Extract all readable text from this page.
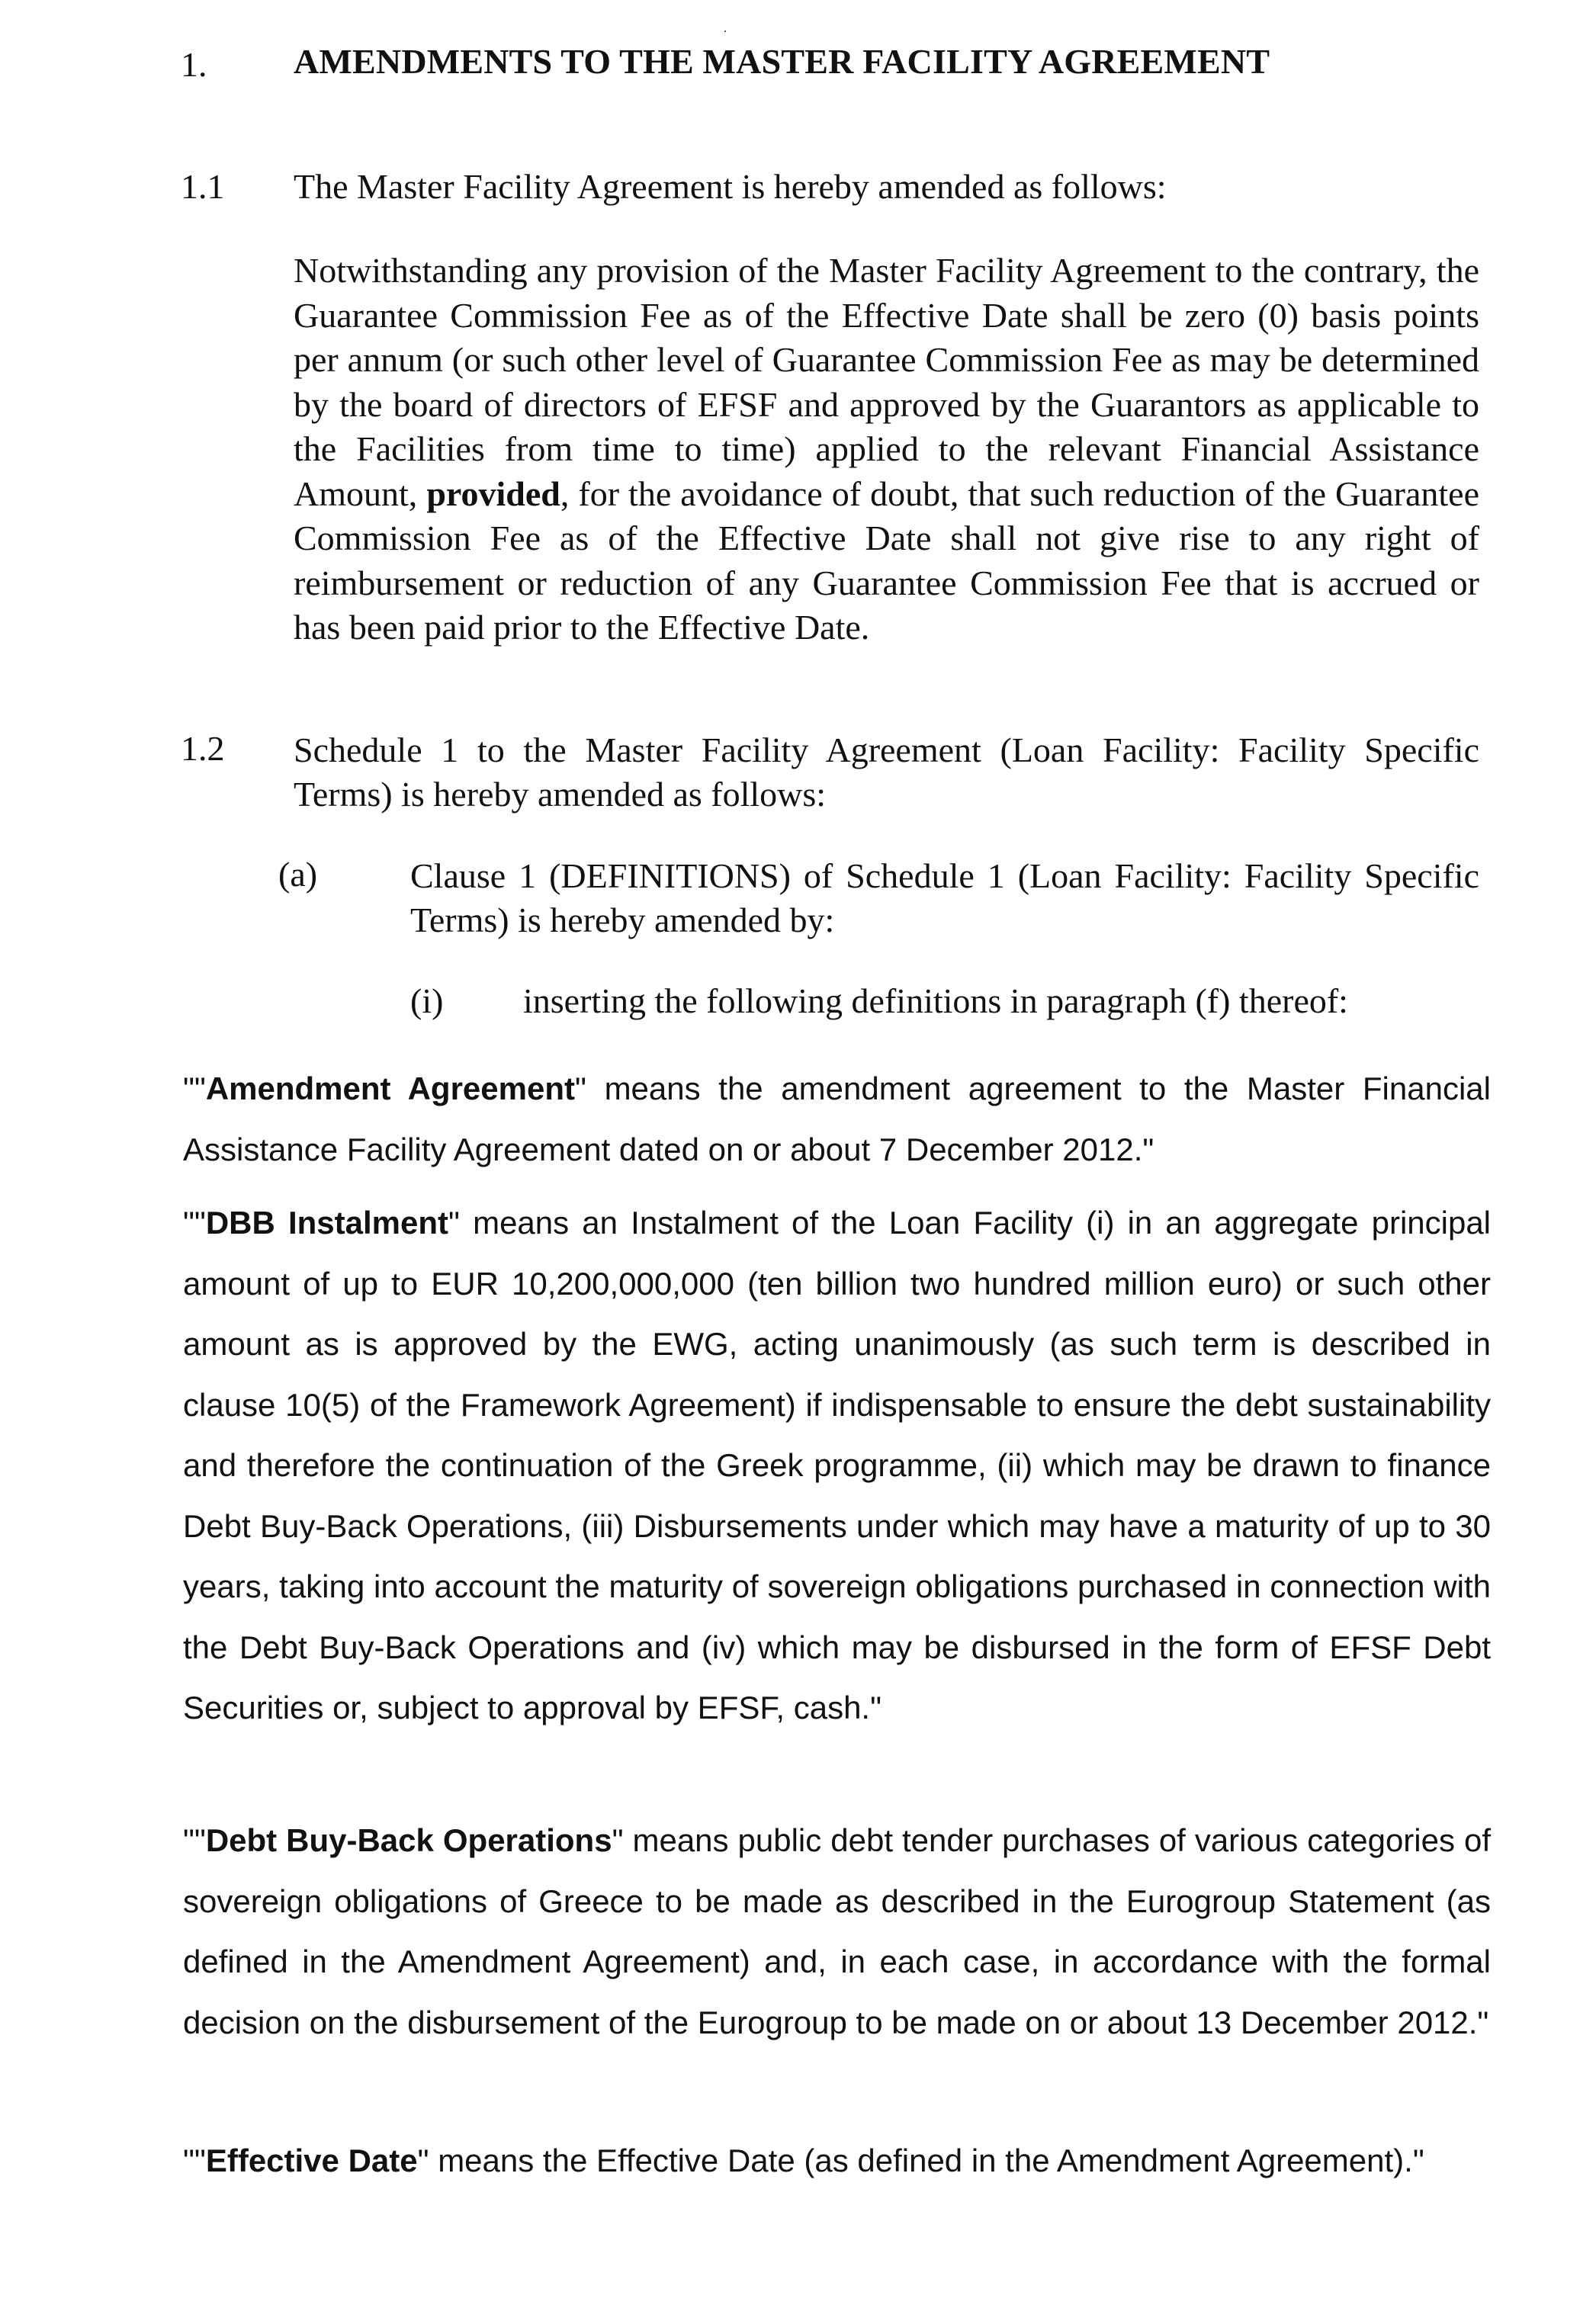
1. AMENDMENTS TO THE MASTER FACILITY AGREEMENT
1.1 The Master Facility Agreement is hereby amended as follows:
Notwithstanding any provision of the Master Facility Agreement to the contrary, the Guarantee Commission Fee as of the Effective Date shall be zero (0) basis points per annum (or such other level of Guarantee Commission Fee as may be determined by the board of directors of EFSF and approved by the Guarantors as applicable to the Facilities from time to time) applied to the relevant Financial Assistance Amount, provided, for the avoidance of doubt, that such reduction of the Guarantee Commission Fee as of the Effective Date shall not give rise to any right of reimbursement or reduction of any Guarantee Commission Fee that is accrued or has been paid prior to the Effective Date.
1.2 Schedule 1 to the Master Facility Agreement (Loan Facility: Facility Specific Terms) is hereby amended as follows:
(a)	Clause 1 (DEFINITIONS) of Schedule 1 (Loan Facility: Facility Specific Terms) is hereby amended by:
(i) inserting the following definitions in paragraph (f) thereof:
""Amendment Agreement" means the amendment agreement to the Master Financial Assistance Facility Agreement dated on or about 7 December 2012."
""DBB Instalment" means an Instalment of the Loan Facility (i) in an aggregate principal amount of up to EUR 10,200,000,000 (ten billion two hundred million euro) or such other amount as is approved by the EWG, acting unanimously (as such term is described in clause 10(5) of the Framework Agreement) if indispensable to ensure the debt sustainability and therefore the continuation of the Greek programme, (ii) which may be drawn to finance Debt Buy-Back Operations, (iii) Disbursements under which may have a maturity of up to 30 years, taking into account the maturity of sovereign obligations purchased in connection with the Debt Buy-Back Operations and (iv) which may be disbursed in the form of EFSF Debt Securities or, subject to approval by EFSF, cash."
""Debt Buy-Back Operations" means public debt tender purchases of various categories of sovereign obligations of Greece to be made as described in the Eurogroup Statement (as defined in the Amendment Agreement) and, in each case, in accordance with the formal decision on the disbursement of the Eurogroup to be made on or about 13 December 2012."
""Effective Date" means the Effective Date (as defined in the Amendment Agreement)."
